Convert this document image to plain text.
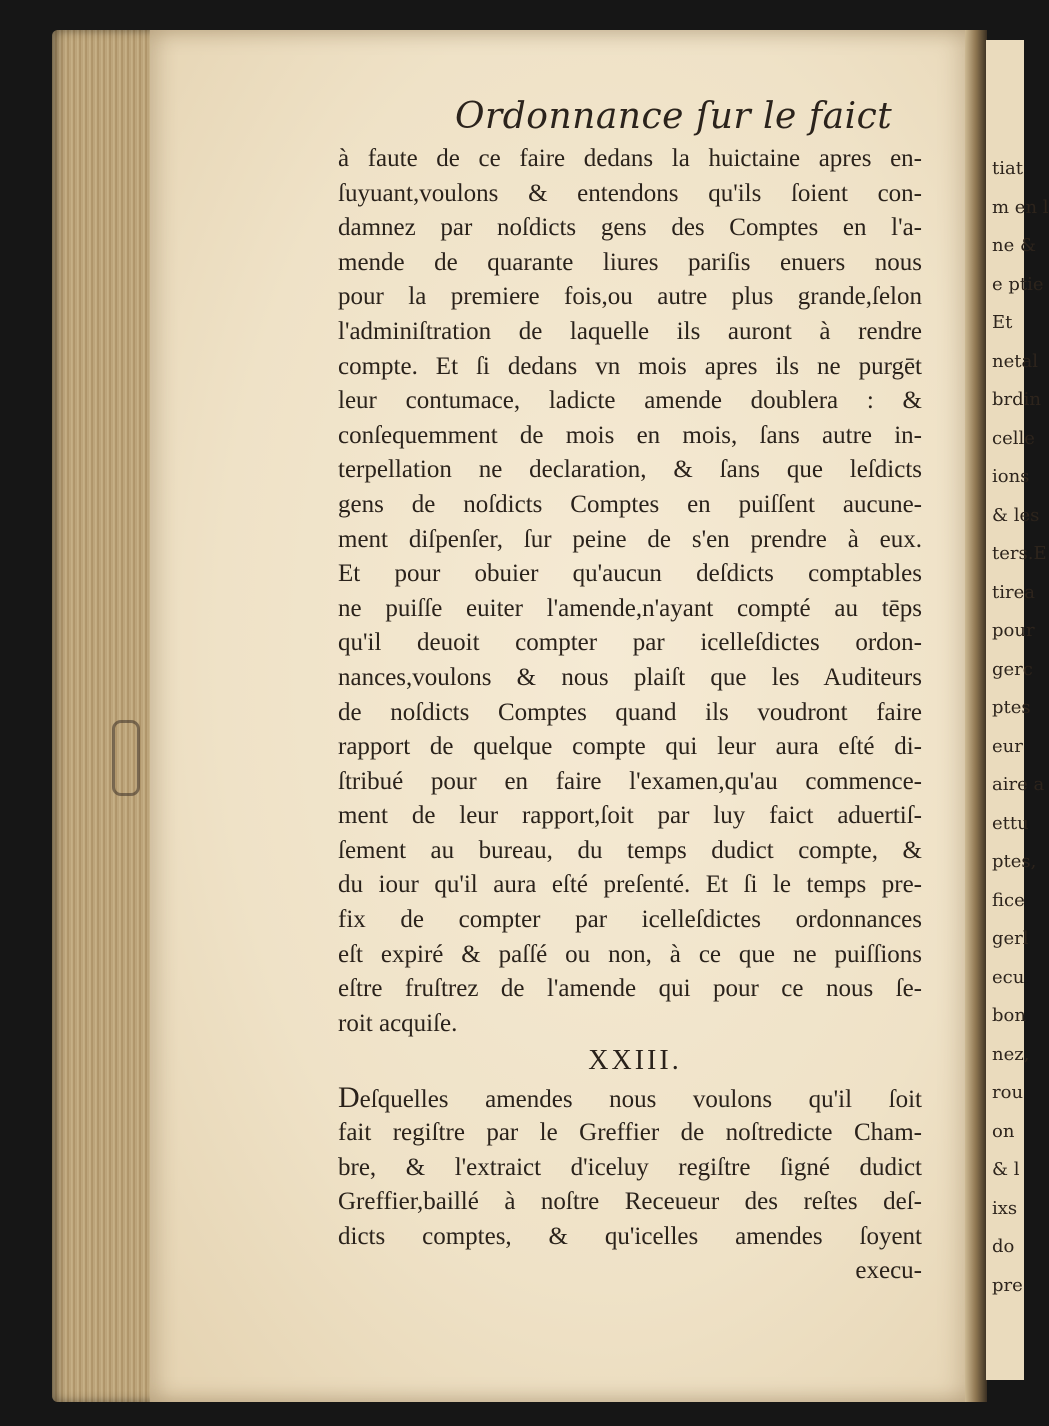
tiat
m en l
ne &
e ptie
Et
netal
brdin
celle
ions
& les
ters.E
tirea
pour
gerc
ptes
eur
aire a
ettu
ptes,
fice
gerl
ecu
bon
nez,
rou
on
& l
ixs
do
pre
Ordonnance ſur le faict
à faute de ce faire dedans la huictaine apres en-
ſuyuant,voulons & entendons qu'ils ſoient con-
damnez par noſdicts gens des Comptes en l'a-
mende de quarante liures pariſis enuers nous
pour la premiere fois,ou autre plus grande,ſelon
l'adminiſtration de laquelle ils auront à rendre
compte. Et ſi dedans vn mois apres ils ne purgēt
leur contumace, ladicte amende doublera : &
conſequemment de mois en mois, ſans autre in-
terpellation ne declaration, & ſans que leſdicts
gens de noſdicts Comptes en puiſſent aucune-
ment diſpenſer, ſur peine de s'en prendre à eux.
Et pour obuier qu'aucun deſdicts comptables
ne puiſſe euiter l'amende,n'ayant compté au tēps
qu'il deuoit compter par icelleſdictes ordon-
nances,voulons & nous plaiſt que les Auditeurs
de noſdicts Comptes quand ils voudront faire
rapport de quelque compte qui leur aura eſté di-
ſtribué pour en faire l'examen,qu'au commence-
ment de leur rapport,ſoit par luy faict aduertiſ-
ſement au bureau, du temps dudict compte, &
du iour qu'il aura eſté preſenté. Et ſi le temps pre-
fix de compter par icelleſdictes ordonnances
eſt expiré & paſſé ou non, à ce que ne puiſſions
eſtre fruſtrez de l'amende qui pour ce nous ſe-
roit acquiſe.
XXIII.
Deſquelles amendes nous voulons qu'il ſoit
fait regiſtre par le Greffier de noſtredicte Cham-
bre, & l'extraict d'iceluy regiſtre ſigné dudict
Greffier,baillé à noſtre Receueur des reſtes deſ-
dicts comptes, & qu'icelles amendes ſoyent
execu-
